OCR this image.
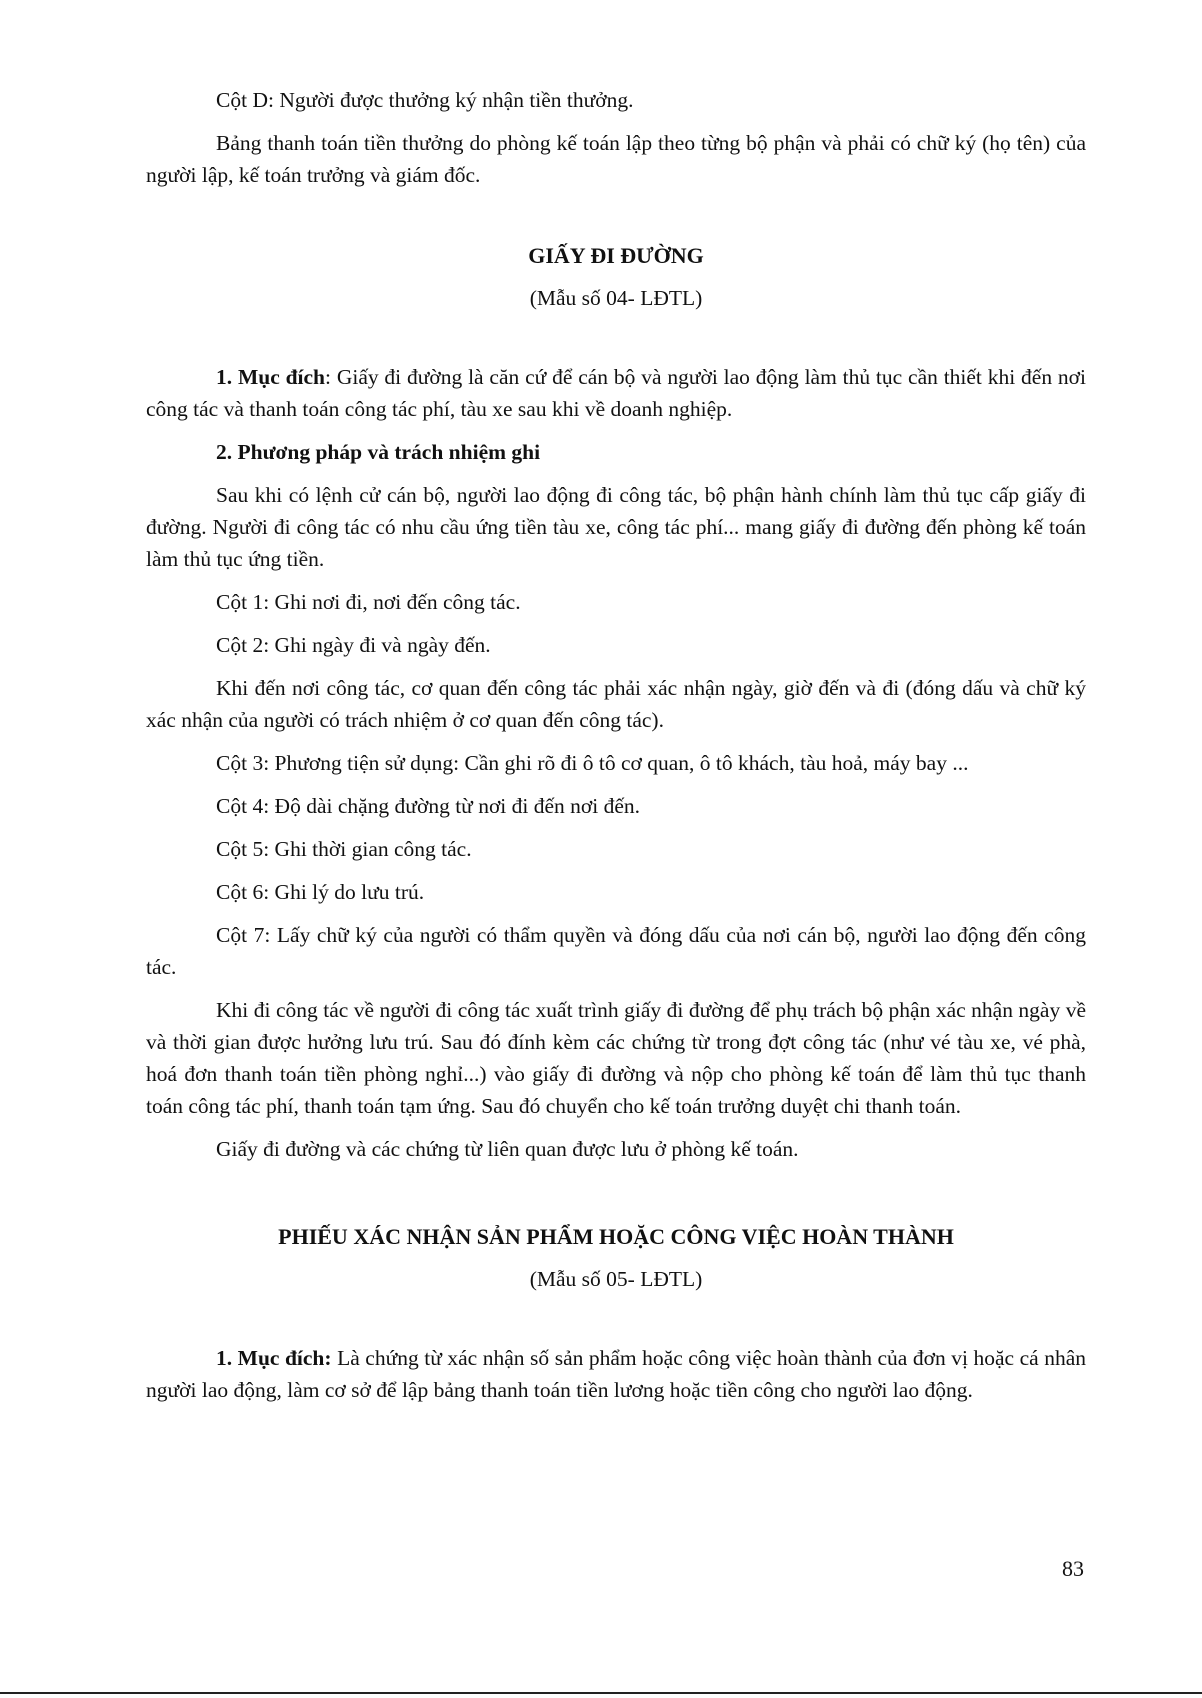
Cột D: Người được thưởng ký nhận tiền thưởng.

Bảng thanh toán tiền thưởng do phòng kế toán lập theo từng bộ phận và phải có chữ ký (họ tên) của người lập, kế toán trưởng và giám đốc.

GIẤY ĐI ĐƯỜNG
(Mẫu số 04- LĐTL)

1. Mục đích: Giấy đi đường là căn cứ để cán bộ và người lao động làm thủ tục cần thiết khi đến nơi công tác và thanh toán công tác phí, tàu xe sau khi về doanh nghiệp.

2. Phương pháp và trách nhiệm ghi

Sau khi có lệnh cử cán bộ, người lao động đi công tác, bộ phận hành chính làm thủ tục cấp giấy đi đường. Người đi công tác có nhu cầu ứng tiền tàu xe, công tác phí... mang giấy đi đường đến phòng kế toán làm thủ tục ứng tiền.

Cột 1: Ghi nơi đi, nơi đến công tác.

Cột 2: Ghi ngày đi và ngày đến.

Khi đến nơi công tác, cơ quan đến công tác phải xác nhận ngày, giờ đến và đi (đóng dấu và chữ ký xác nhận của người có trách nhiệm ở cơ quan đến công tác).

Cột 3: Phương tiện sử dụng: Cần ghi rõ đi ô tô cơ quan, ô tô khách, tàu hoả, máy bay ...

Cột 4: Độ dài chặng đường từ nơi đi đến nơi đến.

Cột 5: Ghi thời gian công tác.

Cột 6: Ghi lý do lưu trú.

Cột 7: Lấy chữ ký của người có thẩm quyền và đóng dấu của nơi cán bộ, người lao động đến công tác.

Khi đi công tác về người đi công tác xuất trình giấy đi đường để phụ trách bộ phận xác nhận ngày về và thời gian được hưởng lưu trú. Sau đó đính kèm các chứng từ trong đợt công tác (như vé tàu xe, vé phà, hoá đơn thanh toán tiền phòng nghỉ...) vào giấy đi đường và nộp cho phòng kế toán để làm thủ tục thanh toán công tác phí, thanh toán tạm ứng. Sau đó chuyển cho kế toán trưởng duyệt chi thanh toán.

Giấy đi đường và các chứng từ liên quan được lưu ở phòng kế toán.

PHIẾU XÁC NHẬN SẢN PHẨM HOẶC CÔNG VIỆC HOÀN THÀNH
(Mẫu số 05- LĐTL)

1. Mục đích: Là chứng từ xác nhận số sản phẩm hoặc công việc hoàn thành của đơn vị hoặc cá nhân người lao động, làm cơ sở để lập bảng thanh toán tiền lương hoặc tiền công cho người lao động.

83
